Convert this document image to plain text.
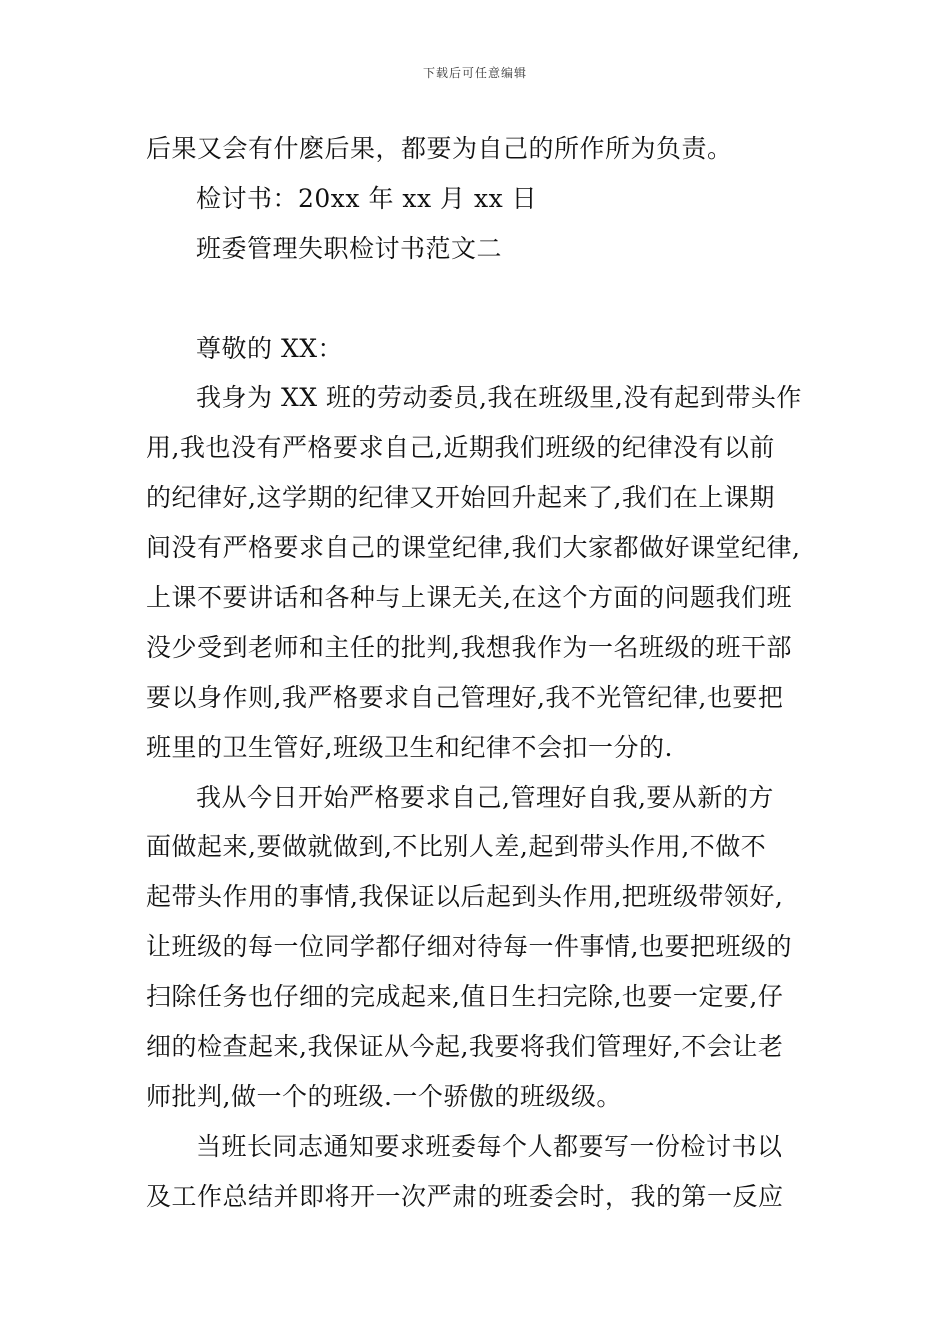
下载后可任意编辑
后果又会有什麽后果，都要为自己的所作所为负责。
检讨书：20xx 年 xx 月 xx 日
班委管理失职检讨书范文二
尊敬的 XX：
我身为 XX 班的劳动委员,我在班级里,没有起到带头作
用,我也没有严格要求自己,近期我们班级的纪律没有以前
的纪律好,这学期的纪律又开始回升起来了,我们在上课期
间没有严格要求自己的课堂纪律,我们大家都做好课堂纪律,
上课不要讲话和各种与上课无关,在这个方面的问题我们班
没少受到老师和主任的批判,我想我作为一名班级的班干部
要以身作则,我严格要求自己管理好,我不光管纪律,也要把
班里的卫生管好,班级卫生和纪律不会扣一分的.
我从今日开始严格要求自己,管理好自我,要从新的方
面做起来,要做就做到,不比别人差,起到带头作用,不做不
起带头作用的事情,我保证以后起到头作用,把班级带领好,
让班级的每一位同学都仔细对待每一件事情,也要把班级的
扫除任务也仔细的完成起来,值日生扫完除,也要一定要,仔
细的检查起来,我保证从今起,我要将我们管理好,不会让老
师批判,做一个的班级.一个骄傲的班级级。
当班长同志通知要求班委每个人都要写一份检讨书以
及工作总结并即将开一次严肃的班委会时，我的第一反应
